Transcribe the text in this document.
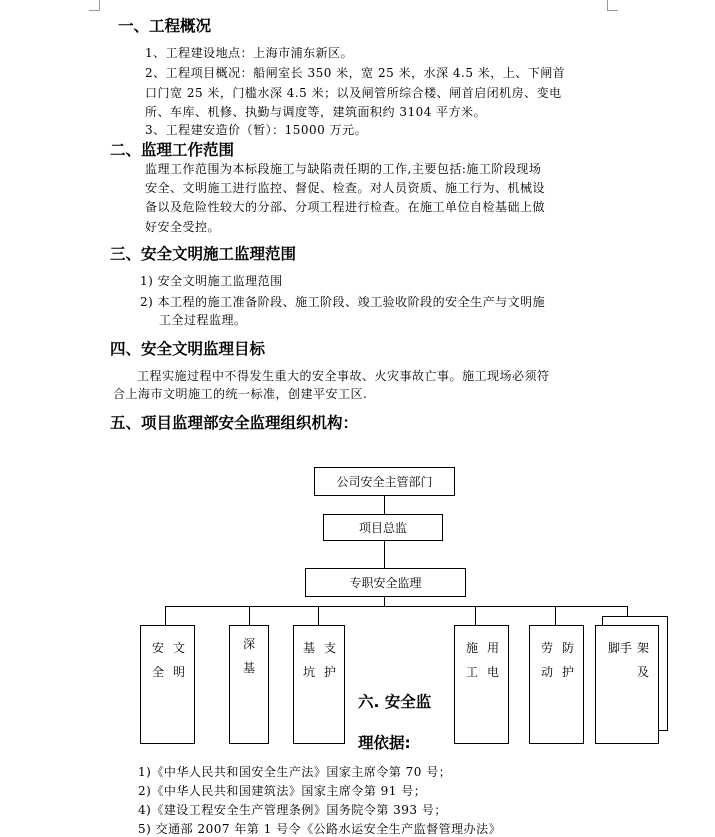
一、工程概况
1、工程建设地点：上海市浦东新区。
2、工程项目概况：船闸室长 350 米，宽 25 米，水深 4.5 米，上、下闸首
口门宽 25 米，门槛水深 4.5 米；以及闸管所综合楼、闸首启闭机房、变电
所、车库、机修、执勤与调度等，建筑面积约 3104 平方米。
3、工程建安造价（暂）：15000 万元。
二、监理工作范围
监理工作范围为本标段施工与缺陷责任期的工作,主要包括:施工阶段现场
安全、文明施工进行监控、督促、检查。对人员资质、施工行为、机械设
备以及危险性较大的分部、分项工程进行检查。在施工单位自检基础上做
好安全受控。
三、安全文明施工监理范围
1) 安全文明施工监理范围
2) 本工程的施工准备阶段、施工阶段、竣工验收阶段的安全生产与文明施
工全过程监理。
四、安全文明监理目标
工程实施过程中不得发生重大的安全事故、火灾事故亡事。施工现场必须符
合上海市文明施工的统一标准，创建平安工区.
五、项目监理部安全监理组织机构：
公司安全主管部门
项目总监
专职安全监理
安全
文明
深基
基坑
支护
施工
用电
劳动
防护
脚手 架及
六. 安全监
理依据:
1)《中华人民共和国安全生产法》国家主席令第 70 号；
2)《中华人民共和国建筑法》国家主席令第 91 号；
4)《建设工程安全生产管理条例》国务院令第 393 号；
5) 交通部 2007 年第 1 号令《公路水运安全生产监督管理办法》
